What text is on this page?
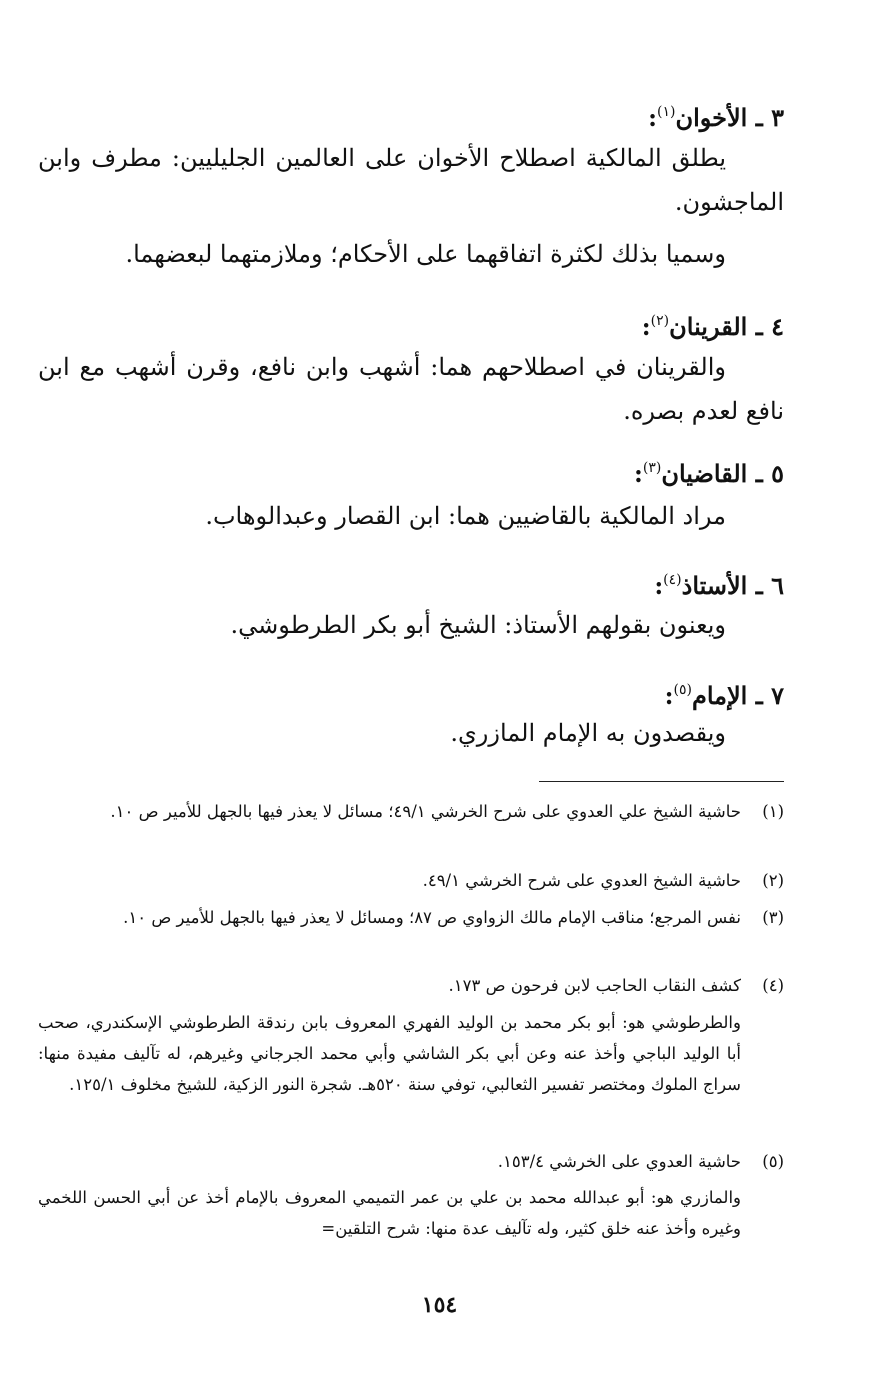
٣ ـ الأخوان$^{(١)}$:

يطلق المالكية اصطلاح الأخوان على العالمين الجليليين: مطرف وابن الماجشون.

وسميا بذلك لكثرة اتفاقهما على الأحكام؛ وملازمتهما لبعضهما.

٤ ـ القرينان$^{(٢)}$:

والقرينان في اصطلاحهم هما: أشهب وابن نافع، وقرن أشهب مع ابن نافع لعدم بصره.

٥ ـ القاضيان$^{(٣)}$:

مراد المالكية بالقاضيين هما: ابن القصار وعبدالوهاب.

٦ ـ الأستاذ$^{(٤)}$:

ويعنون بقولهم الأستاذ: الشيخ أبو بكر الطرطوشي.

٧ ـ الإمام$^{(٥)}$:

ويقصدون به الإمام المازري.

(١)
حاشية الشيخ علي العدوي على شرح الخرشي ٤٩/١؛ مسائل لا يعذر فيها بالجهل للأمير ص ١٠.
(٢)
حاشية الشيخ العدوي على شرح الخرشي ٤٩/١.
(٣)
نفس المرجع؛ مناقب الإمام مالك الزواوي ص ٨٧؛ ومسائل لا يعذر فيها بالجهل للأمير ص ١٠.
(٤)
كشف النقاب الحاجب لابن فرحون ص ١٧٣.

والطرطوشي هو: أبو بكر محمد بن الوليد الفهري المعروف بابن رندقة الطرطوشي الإسكندري، صحب أبا الوليد الباجي وأخذ عنه وعن أبي بكر الشاشي وأبي محمد الجرجاني وغيرهم، له تآليف مفيدة منها: سراج الملوك ومختصر تفسير الثعالبي، توفي سنة ٥٢٠هـ. شجرة النور الزكية، للشيخ مخلوف ١٢٥/١.

(٥)
حاشية العدوي على الخرشي ١٥٣/٤.

والمازري هو: أبو عبدالله محمد بن علي بن عمر التميمي المعروف بالإمام أخذ عن أبي الحسن اللخمي وغيره وأخذ عنه خلق كثير، وله تآليف عدة منها: شرح التلقين=

١٥٤
